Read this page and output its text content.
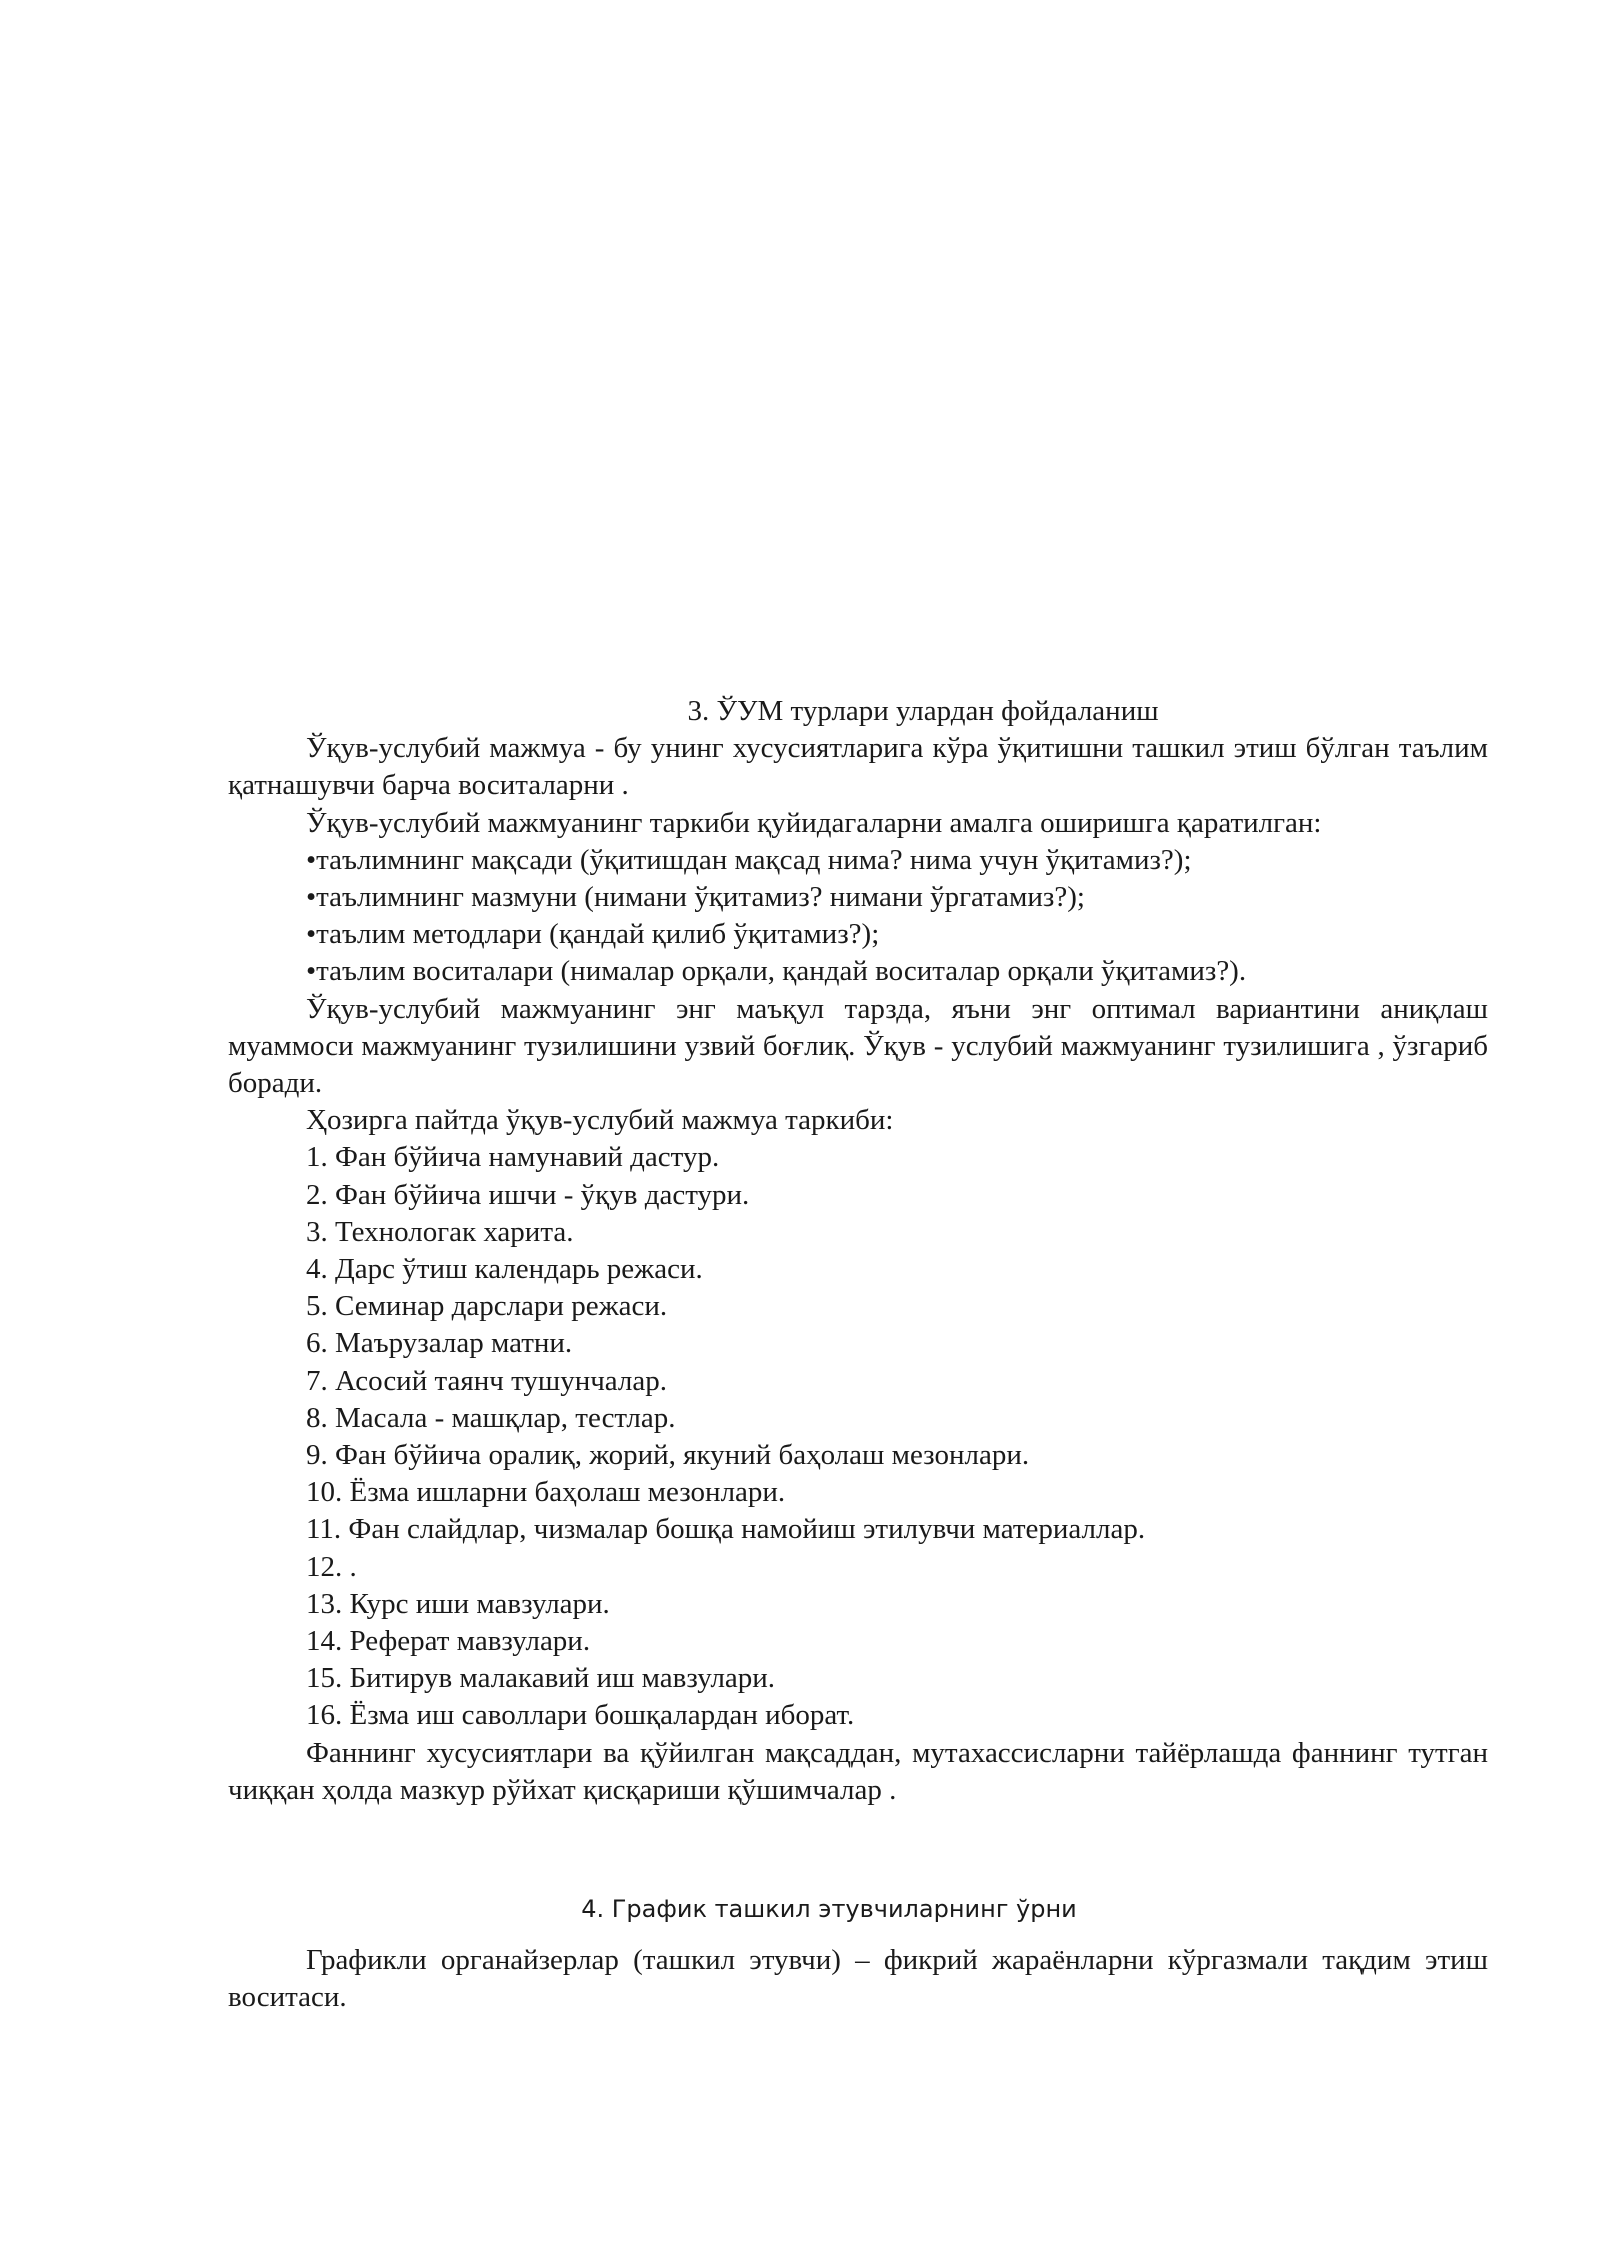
3. ЎУМ турлари улардан фойдаланиш

Ўқув-услубий мажмуа - бу унинг хусусиятларига кўра ўқитишни ташкил этиш бўлган таълим қатнашувчи барча воситаларни .

Ўқув-услубий мажмуанинг таркиби қуйидагаларни амалга оширишга қаратилган:

•таълимнинг мақсади (ўқитишдан мақсад нима? нима учун ўқитамиз?);

•таълимнинг мазмуни (нимани ўқитамиз? нимани ўргатамиз?);

•таълим методлари (қандай қилиб ўқитамиз?);

•таълим воситалари (нималар орқали, қандай воситалар орқали ўқитамиз?).

Ўқув-услубий мажмуанинг энг маъқул тарзда, яъни энг оптимал вариантини аниқлаш муаммоси мажмуанинг тузилишини узвий боғлиқ. Ўқув - услубий мажмуанинг тузилишига , ўзгариб боради.

Ҳозирга пайтда ўқув-услубий мажмуа таркиби:

1. Фан бўйича намунавий дастур.

2. Фан бўйича ишчи - ўқув дастури.

3. Технологак харита.

4. Дарс ўтиш календарь режаси.

5. Семинар дарслари режаси.

6. Маърузалар матни.

7. Асосий таянч тушунчалар.

8. Масала - машқлар, тестлар.

9. Фан бўйича оралиқ, жорий, якуний баҳолаш мезонлари.

10. Ёзма ишларни баҳолаш мезонлари.

11. Фан слайдлар, чизмалар бошқа намойиш этилувчи материаллар.

12. .

13. Курс иши мавзулари.

14. Реферат мавзулари.

15. Битирув малакавий иш мавзулари.

16. Ёзма иш саволлари бошқалардан иборат.

Фаннинг хусусиятлари ва қўйилган мақсаддан, мутахассисларни тайёрлашда фаннинг тутган чиққан ҳолда мазкур рўйхат қисқариши қўшимчалар .

4. График ташкил этувчиларнинг ўрни

Графикли органайзерлар (ташкил этувчи) – фикрий жараёнларни кўргазмали тақдим этиш воситаси.
